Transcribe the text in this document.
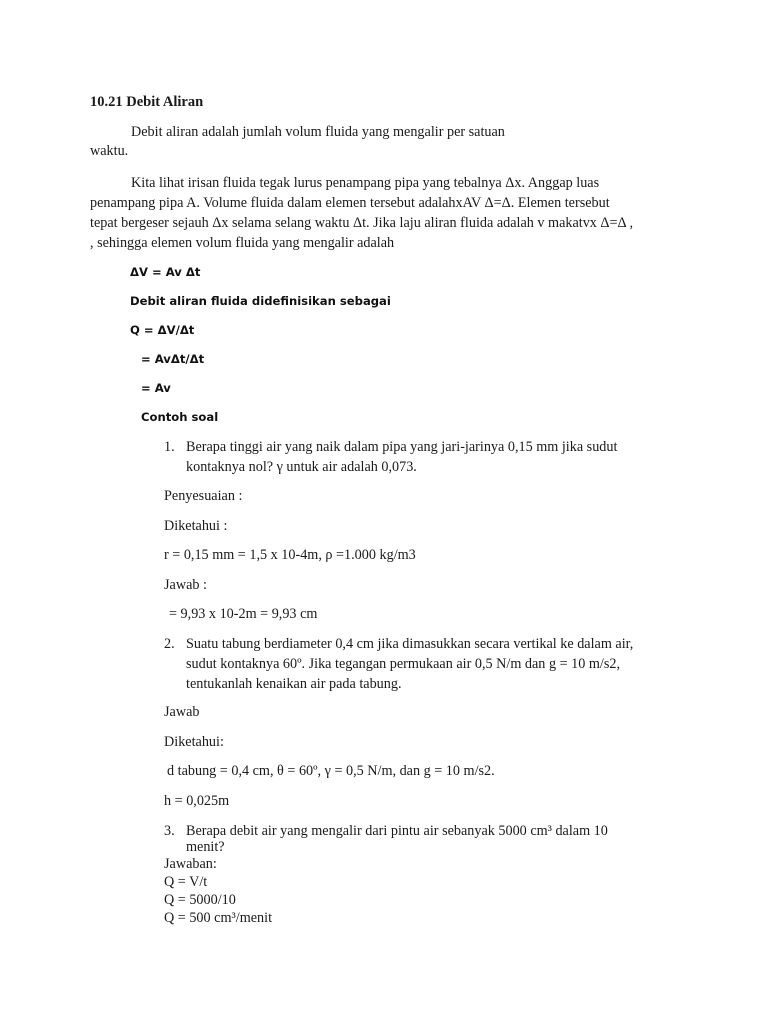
10.21 Debit Aliran
Debit aliran adalah jumlah volum fluida yang mengalir per satuan
waktu.
Kita lihat irisan fluida tegak lurus penampang pipa yang tebalnya Δx. Anggap luas
penampang pipa A. Volume fluida dalam elemen tersebut adalahxAV Δ=Δ. Elemen tersebut
tepat bergeser sejauh Δx selama selang waktu Δt. Jika laju aliran fluida adalah v makatvx Δ=Δ ,
, sehingga elemen volum fluida yang mengalir adalah
ΔV = Av Δt
Debit aliran fluida didefinisikan sebagai
Q = ΔV/Δt
= AvΔt/Δt
= Av
Contoh soal
1. Berapa tinggi air yang naik dalam pipa yang jari-jarinya 0,15 mm jika sudut
kontaknya nol? γ untuk air adalah 0,073.
Penyesuaian :
Diketahui :
r = 0,15 mm = 1,5 x 10-4m, ρ =1.000 kg/m3
Jawab :
= 9,93 x 10-2m = 9,93 cm
2. Suatu tabung berdiameter 0,4 cm jika dimasukkan secara vertikal ke dalam air,
sudut kontaknya 60º. Jika tegangan permukaan air 0,5 N/m dan g = 10 m/s2,
tentukanlah kenaikan air pada tabung.
Jawab
Diketahui:
d tabung = 0,4 cm, θ = 60º, γ = 0,5 N/m, dan g = 10 m/s2.
h = 0,025m
3. Berapa debit air yang mengalir dari pintu air sebanyak 5000 cm³ dalam 10
menit?
Jawaban:
Q = V/t
Q = 5000/10
Q = 500 cm³/menit
